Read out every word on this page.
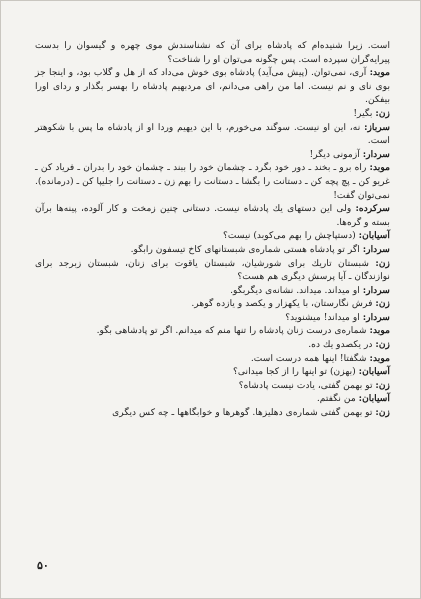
است. زیرا شنیده‌ام که پادشاه برای آن که نشناسندش موی چهره و گیسوان را بدست پیرایه‌گران سپرده است. پس چگونه می‌توان او را شناخت؟

موبد: آری، نمی‌توان. (پیش می‌آید) پادشاه بوی خوش می‌داد که از هل و گلاب بود، و اینجا جز بوی نای و نم نیست. اما من راهی می‌دانم، ای مردبهیم پادشاه را بهسر بگذار و ردای اورا بیفکن.

زن: بگیر!

سرباز: نه، این او نیست. سوگند می‌خورم، با این دیهیم وردا او از پادشاه ما پس با شکوهتر است.

سردار: آزمونی دیگر!

موبد: راه برو ـ بخند ـ دور خود بگرد ـ چشمان خود را ببند ـ چشمان خود را بدران ـ فریاد کن ـ غریو کن ـ پچ پچه کن ـ دستانت را بگشا ـ دستانت را بهم زن ـ دستانت را جلیپا کن ـ (درمانده). نمی‌توان گفت!

سرکرده: ولی این دستهای یك پادشاه نیست. دستانی چنین زمخت و کار آلوده، پینه‌ها برآن بسته و گره‌ها.

آسیابان: (دستپاچش را بهم می‌کوبد) نیست؟

سردار: اگر تو پادشاه هستی شماره‌ی شبستانهای کاخ تیسفون رابگو.

زن: شبستان تاریك برای شورشیان، شبستان یاقوت برای زنان، شبستان زبرجد برای نوازندگان ـ آیا پرسش دیگری هم هست؟

سردار: او میداند. میداند. نشانه‌ی دیگربگو.

زن: فرش نگارستان، با یکهزار و یکصد و یازده گوهر.

سردار: او میداند! میشنوید؟

موبد: شماره‌ی درست زنان پادشاه را تنها منم که میدانم. اگر تو پادشاهی بگو.

زن: در یکصدو یك ده.

موبد: شگفتا! اینها همه درست است.

آسیابان: (بهزن) تو اینها را از کجا میدانی؟

زن: تو بهمن گفتی، یادت نیست پادشاه؟

آسیابان: من نگفتم.

زن: تو بهمن گفتی شماره‌ی دهلیزها. گوهرها و خوابگاهها ـ چه کس دیگری

۵۰
